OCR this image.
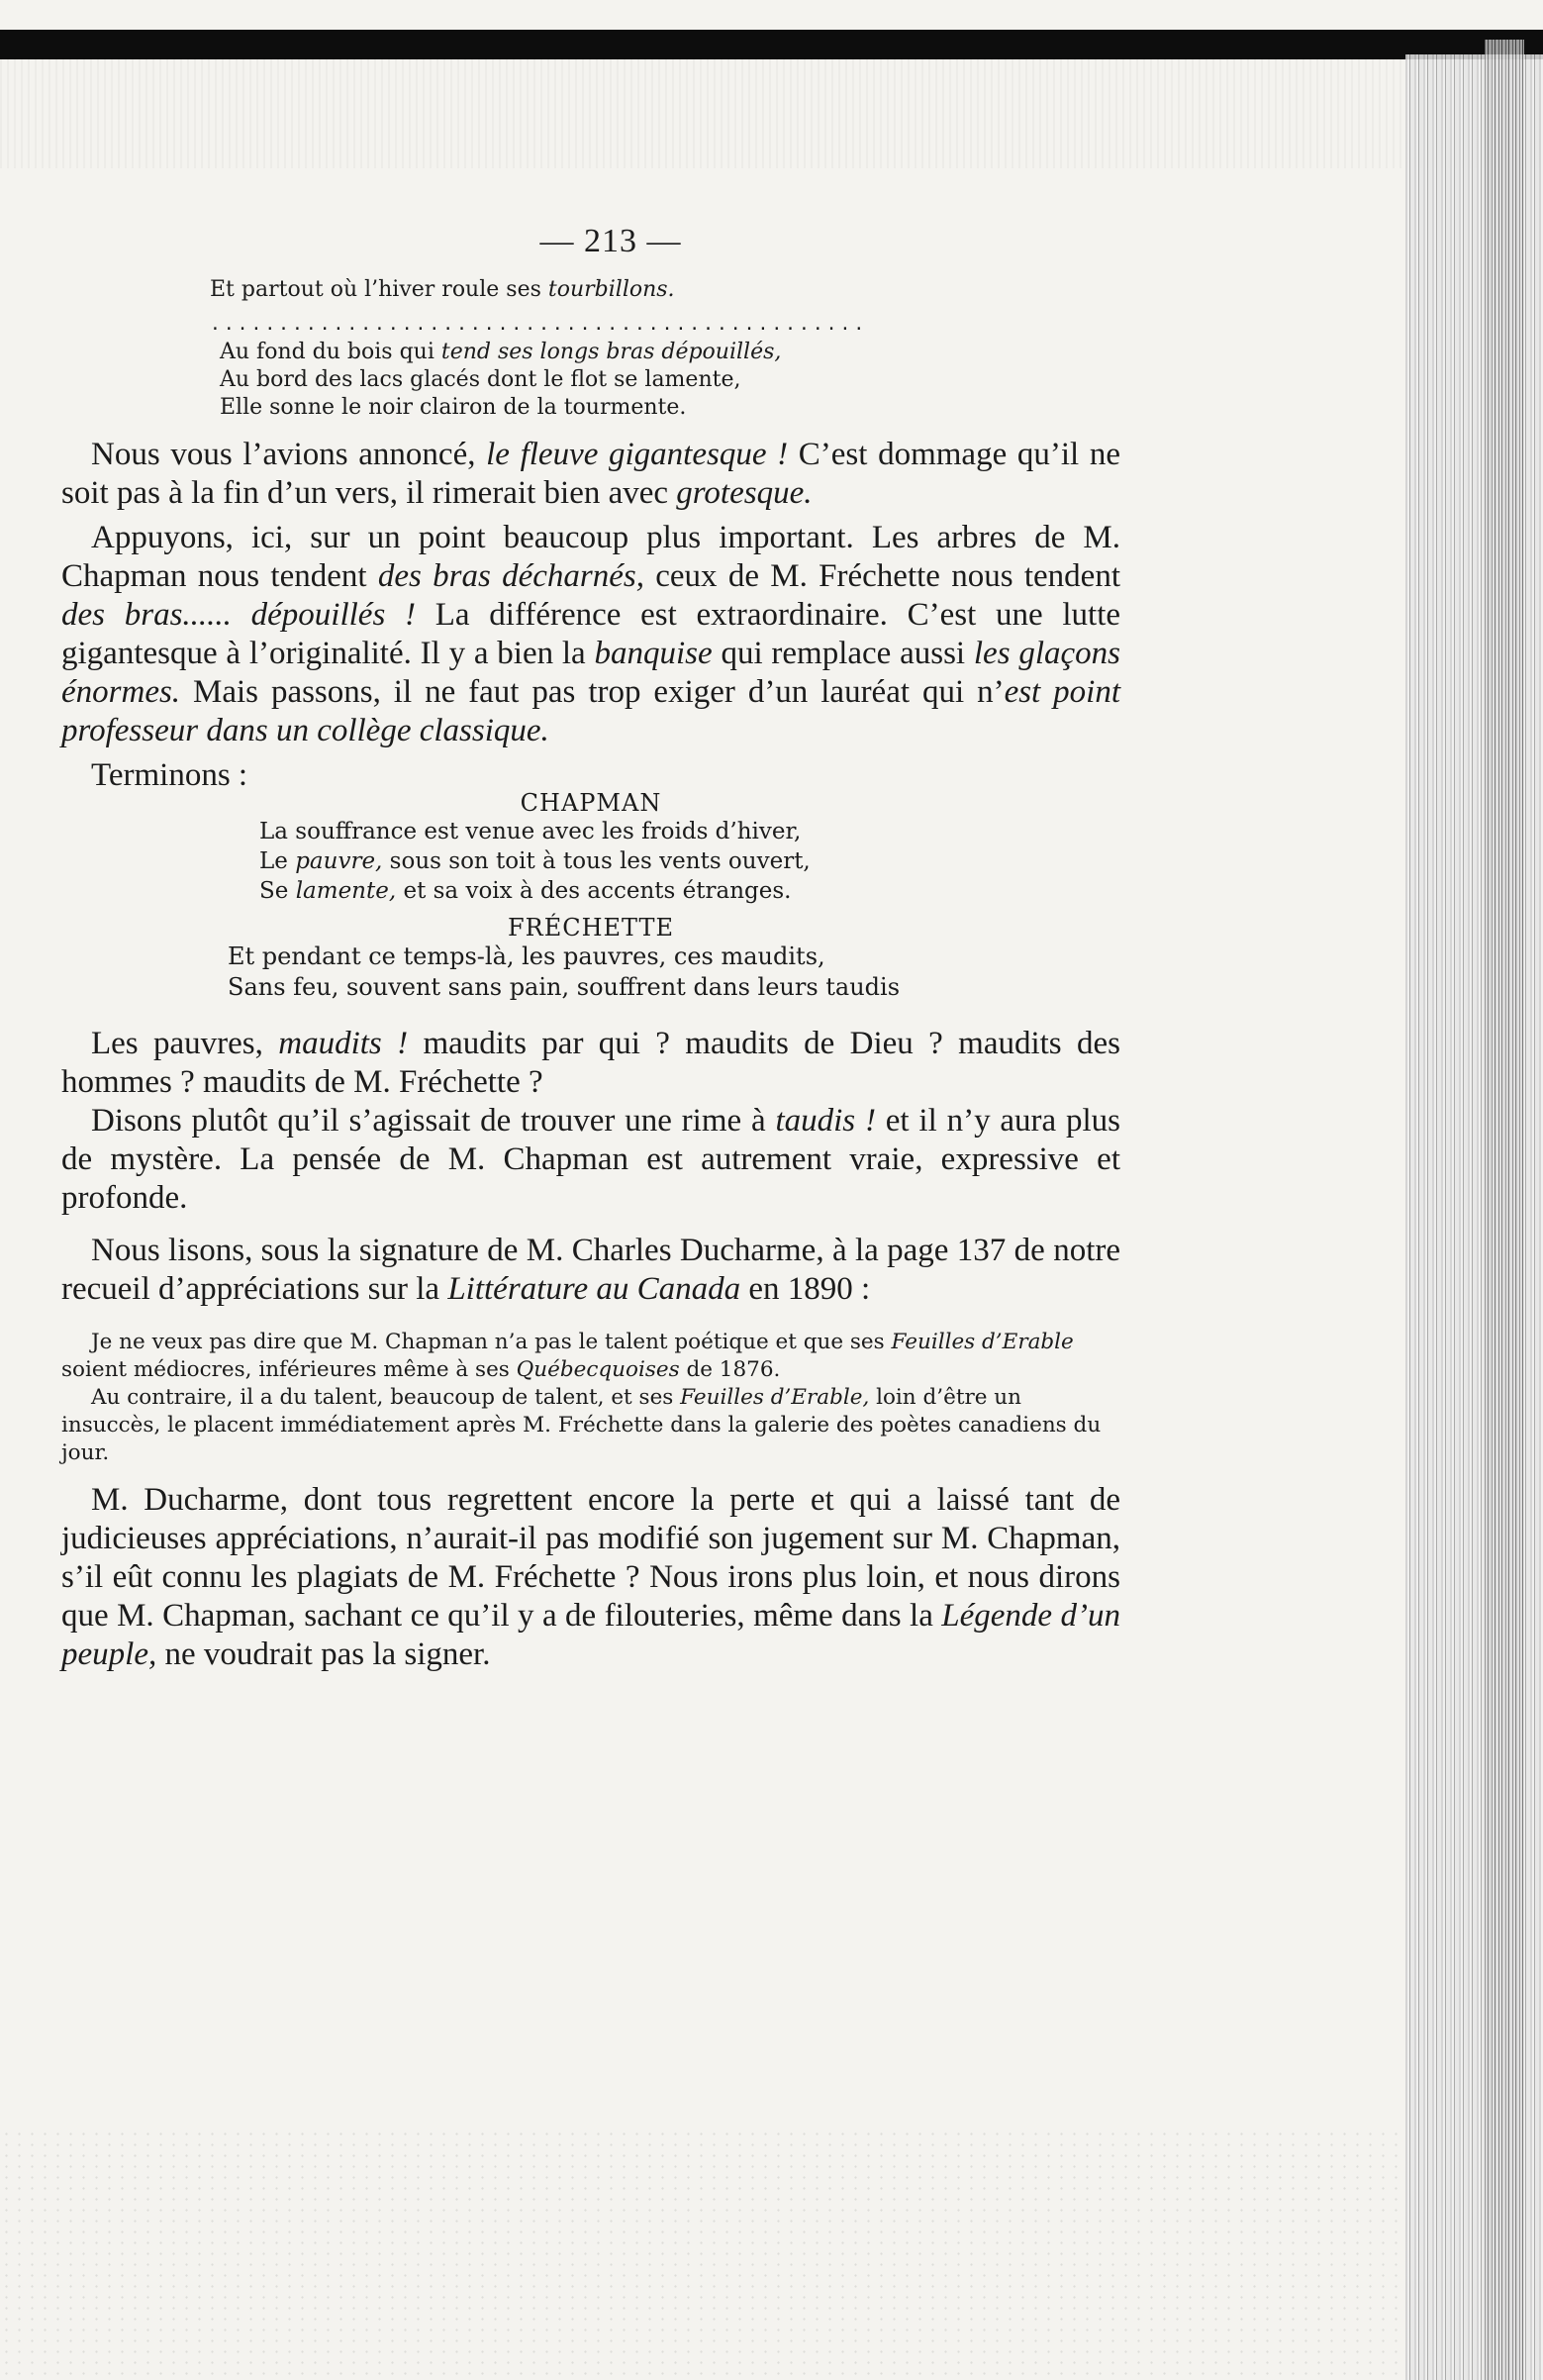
— 213 —
Et partout où l’hiver roule ses tourbillons.
................................................
Au fond du bois qui tend ses longs bras dépouillés,
Au bord des lacs glacés dont le flot se lamente,
Elle sonne le noir clairon de la tourmente.

Nous vous l’avions annoncé, le fleuve gigantesque ! C’est dommage qu’il ne soit pas à la fin d’un vers, il rimerait bien avec grotesque.

Appuyons, ici, sur un point beaucoup plus important. Les arbres de M. Chapman nous tendent des bras décharnés, ceux de M. Fréchette nous tendent des bras...... dépouillés ! La différence est extraordinaire. C’est une lutte gigantesque à l’originalité. Il y a bien la banquise qui remplace aussi les glaçons énormes. Mais passons, il ne faut pas trop exiger d’un lauréat qui n’est point professeur dans un collège classique.

Terminons :

CHAPMAN
La souffrance est venue avec les froids d’hiver,
Le pauvre, sous son toit à tous les vents ouvert,
Se lamente, et sa voix à des accents étranges.
FRÉCHETTE
Et pendant ce temps-là, les pauvres, ces maudits,
Sans feu, souvent sans pain, souffrent dans leurs taudis

Les pauvres, maudits ! maudits par qui ? maudits de Dieu ? maudits des hommes ? maudits de M. Fréchette ?

Disons plutôt qu’il s’agissait de trouver une rime à taudis ! et il n’y aura plus de mystère. La pensée de M. Chapman est autrement vraie, expressive et profonde.

Nous lisons, sous la signature de M. Charles Ducharme, à la page 137 de notre recueil d’appréciations sur la Littérature au Canada en 1890 :

Je ne veux pas dire que M. Chapman n’a pas le talent poétique et que ses Feuilles d’Erable soient médiocres, inférieures même à ses Québecquoises de 1876.

Au contraire, il a du talent, beaucoup de talent, et ses Feuilles d’Erable, loin d’être un insuccès, le placent immédiatement après M. Fréchette dans la galerie des poètes canadiens du jour.

M. Ducharme, dont tous regrettent encore la perte et qui a laissé tant de judicieuses appréciations, n’aurait-il pas modifié son jugement sur M. Chapman, s’il eût connu les plagiats de M. Fréchette ? Nous irons plus loin, et nous dirons que M. Chapman, sachant ce qu’il y a de filouteries, même dans la Légende d’un peuple, ne voudrait pas la signer.
